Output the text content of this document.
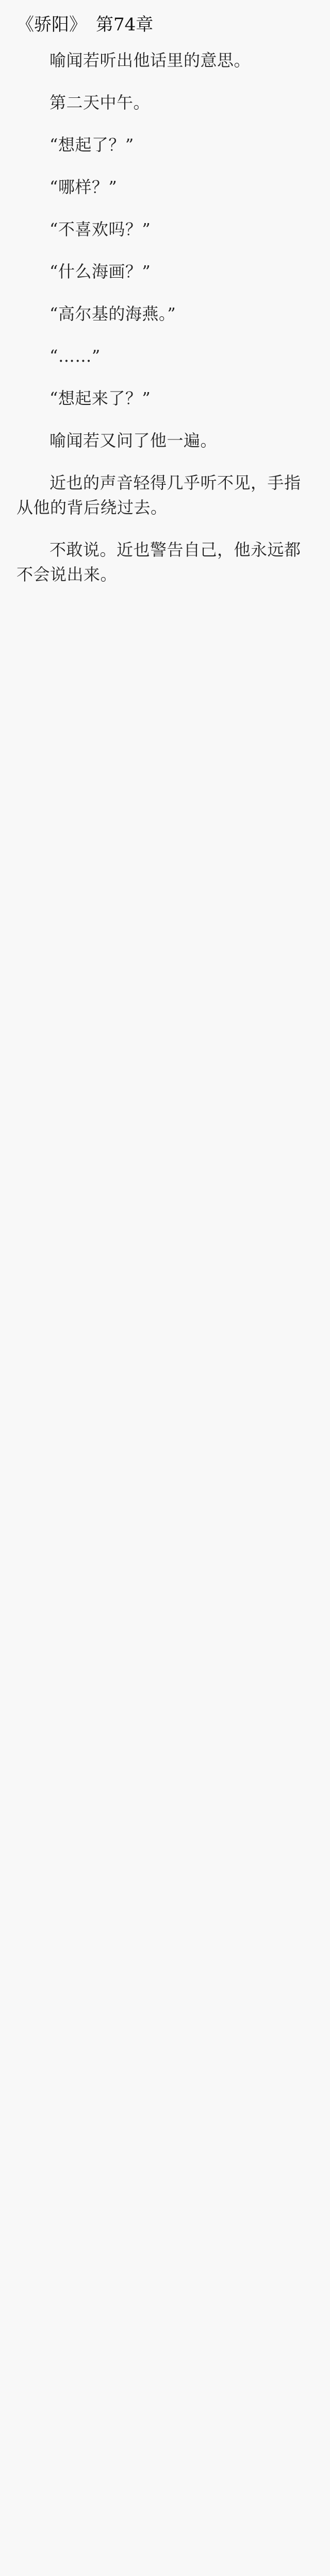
《骄阳》 第74章

喻闻若听出他话里的意思。

第二天中午。

“想起了？”

“哪样？”

“不喜欢吗？”

“什么海画？”

“高尔基的海燕。”

“……”

“想起来了？”

喻闻若又问了他一遍。

近也的声音轻得几乎听不见，手指从他的背后绕过去。

不敢说。近也警告自己，他永远都不会说出来。
